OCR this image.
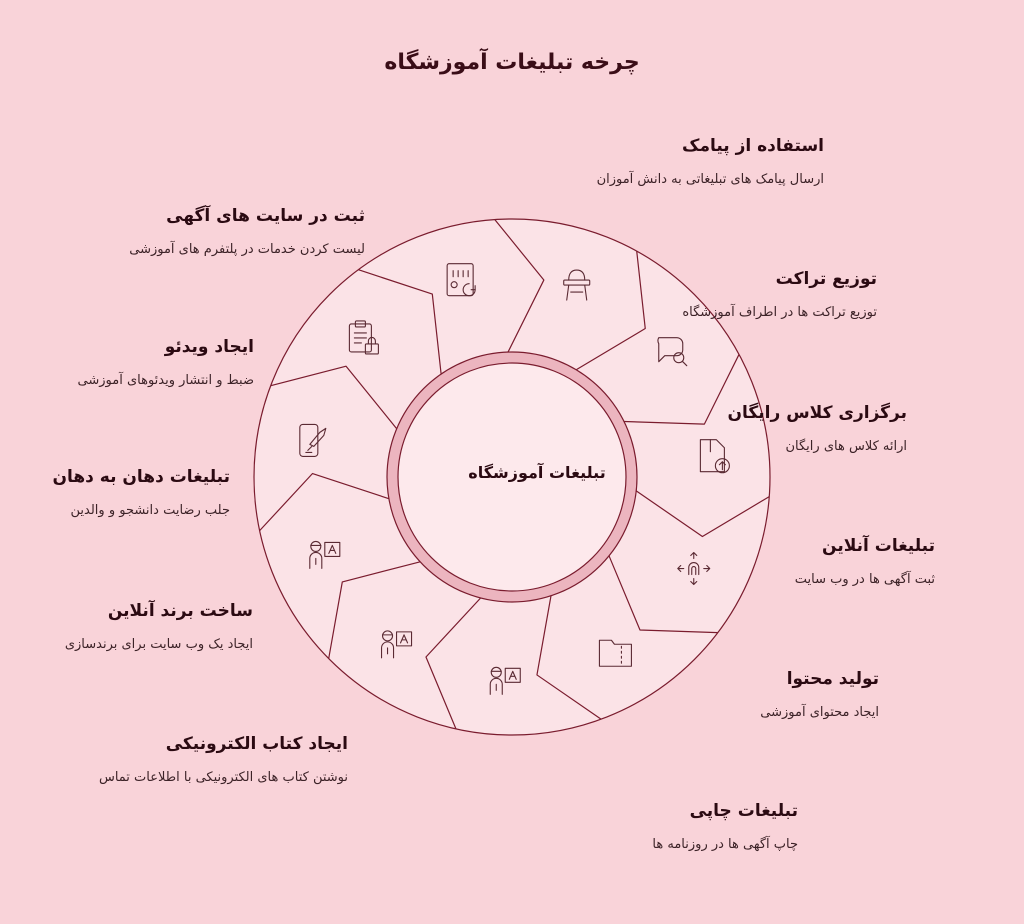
چرخه تبلیغات آموزشگاه
تبلیغات آموزشگاه
استفاده از پیامک
ارسال پیامک های تبلیغاتی به دانش آموزان
توزیع تراکت
توزیع تراکت ها در اطراف آموزشگاه
برگزاری کلاس رایگان
ارائه کلاس های رایگان
تبلیغات آنلاین
ثبت آگهی ها در وب سایت
تولید محتوا
ایجاد محتوای آموزشی
تبلیغات چاپی
چاپ آگهی ها در روزنامه ها
ایجاد کتاب الکترونیکی
نوشتن کتاب های الکترونیکی با اطلاعات تماس
ساخت برند آنلاین
ایجاد یک وب سایت برای برندسازی
تبلیغات دهان به دهان
جلب رضایت دانشجو و والدین
ایجاد ویدئو
ضبط و انتشار ویدئوهای آموزشی
ثبت در سایت های آگهی
لیست کردن خدمات در پلتفرم های آموزشی
